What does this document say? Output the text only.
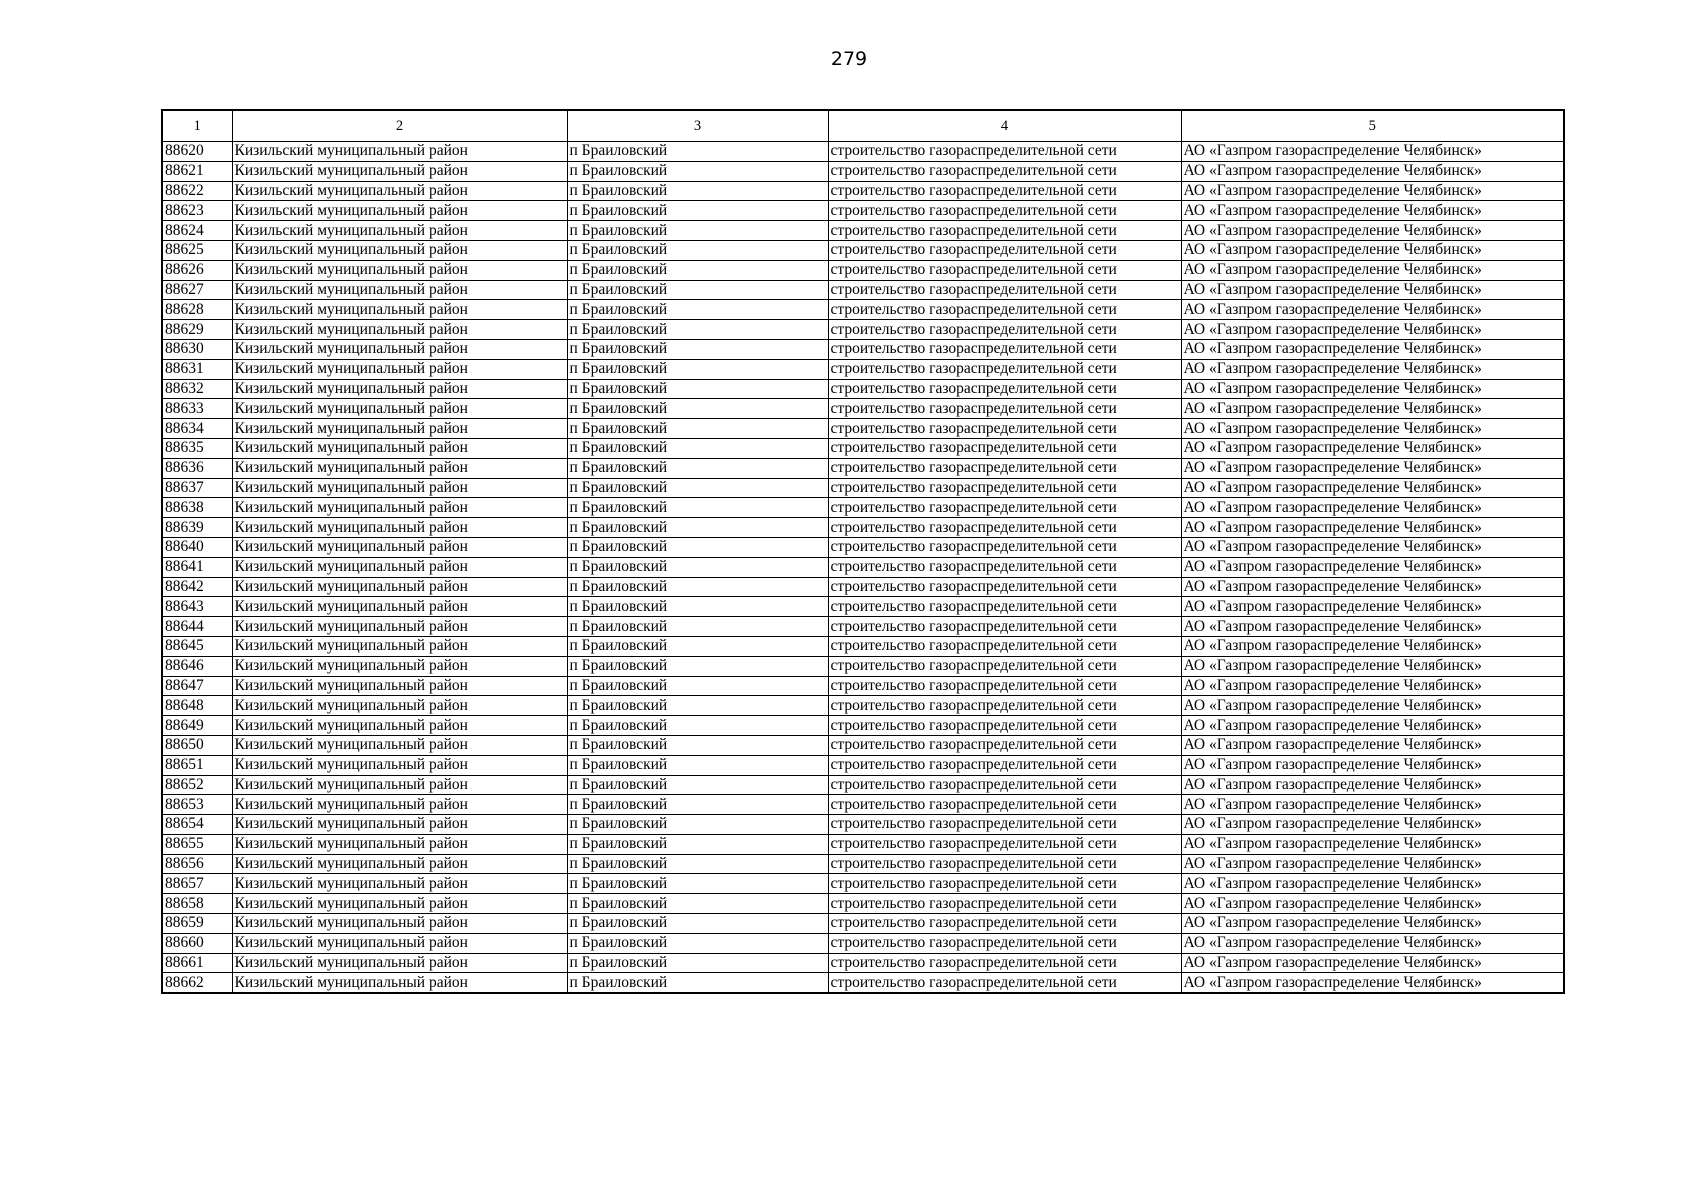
279
1	2	3	4	5
88620	Кизильский муниципальный район	п Браиловский	строительство газораспределительной сети	АО «Газпром газораспределение Челябинск»
88621	Кизильский муниципальный район	п Браиловский	строительство газораспределительной сети	АО «Газпром газораспределение Челябинск»
88622	Кизильский муниципальный район	п Браиловский	строительство газораспределительной сети	АО «Газпром газораспределение Челябинск»
88623	Кизильский муниципальный район	п Браиловский	строительство газораспределительной сети	АО «Газпром газораспределение Челябинск»
88624	Кизильский муниципальный район	п Браиловский	строительство газораспределительной сети	АО «Газпром газораспределение Челябинск»
88625	Кизильский муниципальный район	п Браиловский	строительство газораспределительной сети	АО «Газпром газораспределение Челябинск»
88626	Кизильский муниципальный район	п Браиловский	строительство газораспределительной сети	АО «Газпром газораспределение Челябинск»
88627	Кизильский муниципальный район	п Браиловский	строительство газораспределительной сети	АО «Газпром газораспределение Челябинск»
88628	Кизильский муниципальный район	п Браиловский	строительство газораспределительной сети	АО «Газпром газораспределение Челябинск»
88629	Кизильский муниципальный район	п Браиловский	строительство газораспределительной сети	АО «Газпром газораспределение Челябинск»
88630	Кизильский муниципальный район	п Браиловский	строительство газораспределительной сети	АО «Газпром газораспределение Челябинск»
88631	Кизильский муниципальный район	п Браиловский	строительство газораспределительной сети	АО «Газпром газораспределение Челябинск»
88632	Кизильский муниципальный район	п Браиловский	строительство газораспределительной сети	АО «Газпром газораспределение Челябинск»
88633	Кизильский муниципальный район	п Браиловский	строительство газораспределительной сети	АО «Газпром газораспределение Челябинск»
88634	Кизильский муниципальный район	п Браиловский	строительство газораспределительной сети	АО «Газпром газораспределение Челябинск»
88635	Кизильский муниципальный район	п Браиловский	строительство газораспределительной сети	АО «Газпром газораспределение Челябинск»
88636	Кизильский муниципальный район	п Браиловский	строительство газораспределительной сети	АО «Газпром газораспределение Челябинск»
88637	Кизильский муниципальный район	п Браиловский	строительство газораспределительной сети	АО «Газпром газораспределение Челябинск»
88638	Кизильский муниципальный район	п Браиловский	строительство газораспределительной сети	АО «Газпром газораспределение Челябинск»
88639	Кизильский муниципальный район	п Браиловский	строительство газораспределительной сети	АО «Газпром газораспределение Челябинск»
88640	Кизильский муниципальный район	п Браиловский	строительство газораспределительной сети	АО «Газпром газораспределение Челябинск»
88641	Кизильский муниципальный район	п Браиловский	строительство газораспределительной сети	АО «Газпром газораспределение Челябинск»
88642	Кизильский муниципальный район	п Браиловский	строительство газораспределительной сети	АО «Газпром газораспределение Челябинск»
88643	Кизильский муниципальный район	п Браиловский	строительство газораспределительной сети	АО «Газпром газораспределение Челябинск»
88644	Кизильский муниципальный район	п Браиловский	строительство газораспределительной сети	АО «Газпром газораспределение Челябинск»
88645	Кизильский муниципальный район	п Браиловский	строительство газораспределительной сети	АО «Газпром газораспределение Челябинск»
88646	Кизильский муниципальный район	п Браиловский	строительство газораспределительной сети	АО «Газпром газораспределение Челябинск»
88647	Кизильский муниципальный район	п Браиловский	строительство газораспределительной сети	АО «Газпром газораспределение Челябинск»
88648	Кизильский муниципальный район	п Браиловский	строительство газораспределительной сети	АО «Газпром газораспределение Челябинск»
88649	Кизильский муниципальный район	п Браиловский	строительство газораспределительной сети	АО «Газпром газораспределение Челябинск»
88650	Кизильский муниципальный район	п Браиловский	строительство газораспределительной сети	АО «Газпром газораспределение Челябинск»
88651	Кизильский муниципальный район	п Браиловский	строительство газораспределительной сети	АО «Газпром газораспределение Челябинск»
88652	Кизильский муниципальный район	п Браиловский	строительство газораспределительной сети	АО «Газпром газораспределение Челябинск»
88653	Кизильский муниципальный район	п Браиловский	строительство газораспределительной сети	АО «Газпром газораспределение Челябинск»
88654	Кизильский муниципальный район	п Браиловский	строительство газораспределительной сети	АО «Газпром газораспределение Челябинск»
88655	Кизильский муниципальный район	п Браиловский	строительство газораспределительной сети	АО «Газпром газораспределение Челябинск»
88656	Кизильский муниципальный район	п Браиловский	строительство газораспределительной сети	АО «Газпром газораспределение Челябинск»
88657	Кизильский муниципальный район	п Браиловский	строительство газораспределительной сети	АО «Газпром газораспределение Челябинск»
88658	Кизильский муниципальный район	п Браиловский	строительство газораспределительной сети	АО «Газпром газораспределение Челябинск»
88659	Кизильский муниципальный район	п Браиловский	строительство газораспределительной сети	АО «Газпром газораспределение Челябинск»
88660	Кизильский муниципальный район	п Браиловский	строительство газораспределительной сети	АО «Газпром газораспределение Челябинск»
88661	Кизильский муниципальный район	п Браиловский	строительство газораспределительной сети	АО «Газпром газораспределение Челябинск»
88662	Кизильский муниципальный район	п Браиловский	строительство газораспределительной сети	АО «Газпром газораспределение Челябинск»
